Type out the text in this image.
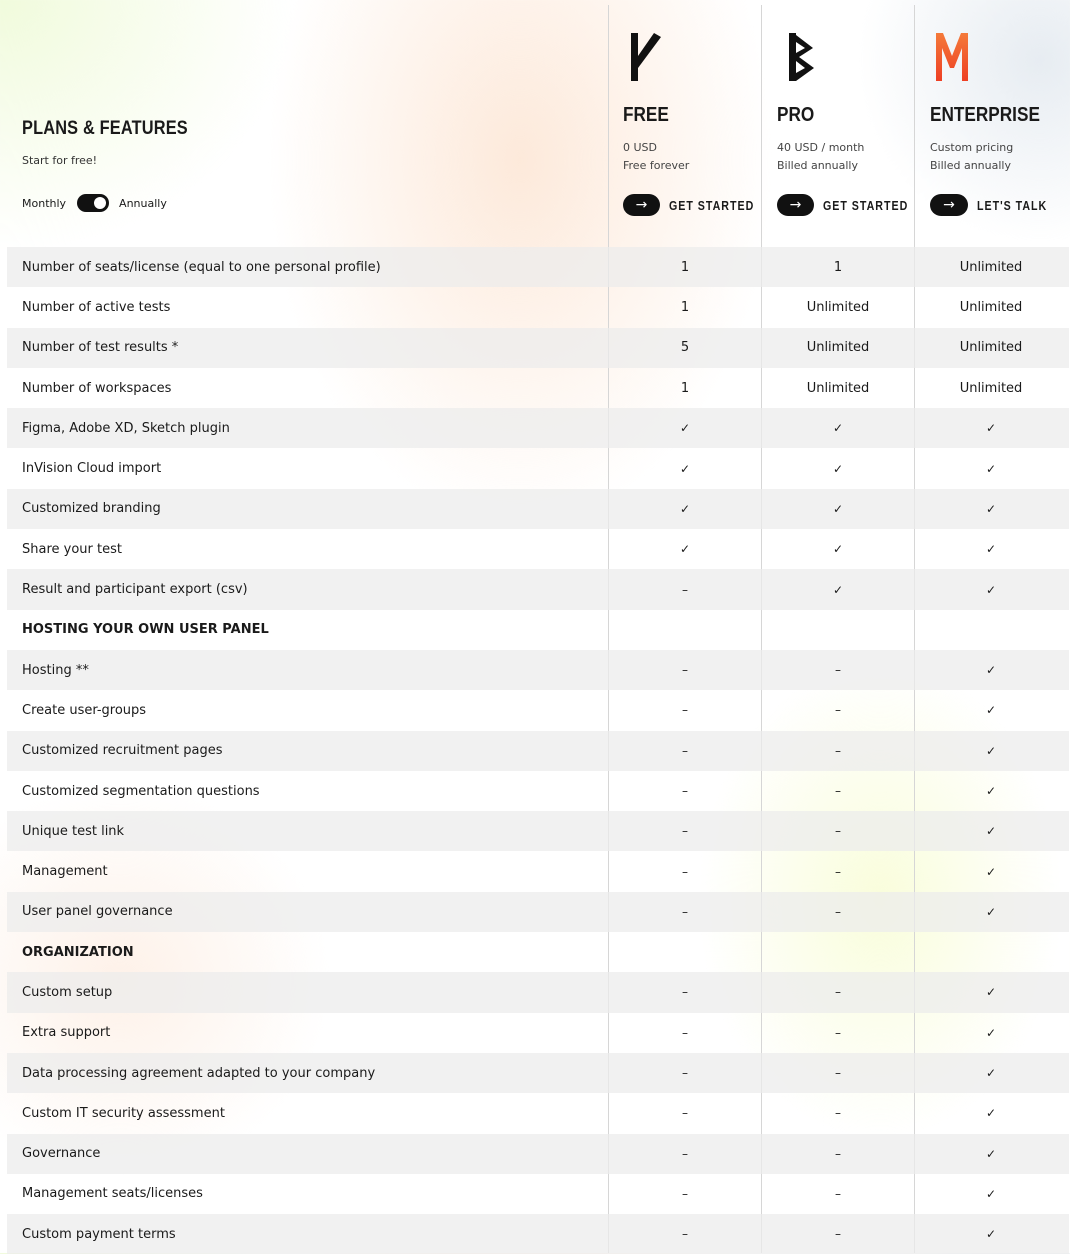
PLANS & FEATURES
Start for free!
Monthly	Annually
FREE
0 USD
Free forever
→	GET STARTED
PRO
40 USD / month
Billed annually
→	GET STARTED
ENTERPRISE
Custom pricing
Billed annually
→	LET'S TALK
Number of seats/license (equal to one personal profile)	1	1	Unlimited
Number of active tests	1	Unlimited	Unlimited
Number of test results *	5	Unlimited	Unlimited
Number of workspaces	1	Unlimited	Unlimited
Figma, Adobe XD, Sketch plugin	✓	✓	✓
InVision Cloud import	✓	✓	✓
Customized branding	✓	✓	✓
Share your test	✓	✓	✓
Result and participant export (csv)	–	✓	✓
HOSTING YOUR OWN USER PANEL
Hosting **	–	–	✓
Create user-groups	–	–	✓
Customized recruitment pages	–	–	✓
Customized segmentation questions	–	–	✓
Unique test link	–	–	✓
Management	–	–	✓
User panel governance	–	–	✓
ORGANIZATION
Custom setup	–	–	✓
Extra support	–	–	✓
Data processing agreement adapted to your company	–	–	✓
Custom IT security assessment	–	–	✓
Governance	–	–	✓
Management seats/licenses	–	–	✓
Custom payment terms	–	–	✓
